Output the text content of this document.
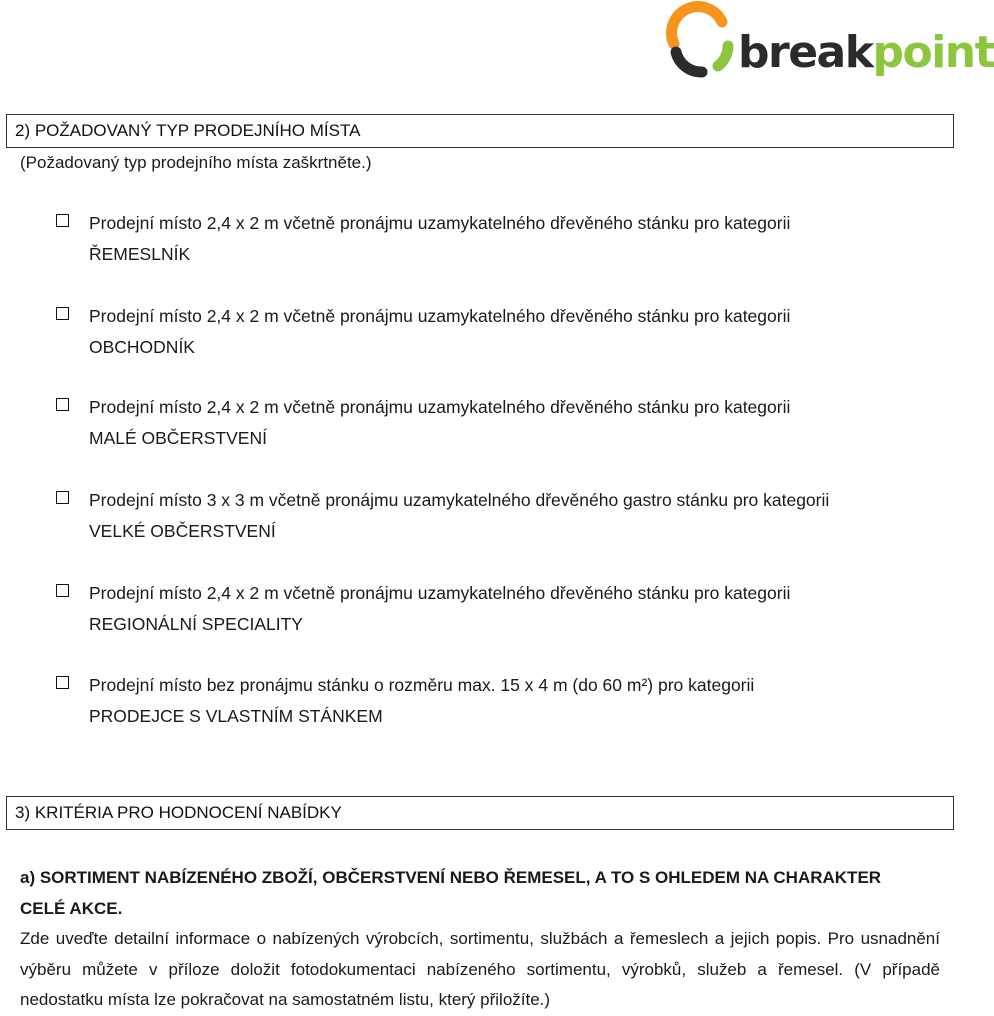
breakpoint
2) POŽADOVANÝ TYP PRODEJNÍHO MÍSTA
(Požadovaný typ prodejního místa zaškrtněte.)
Prodejní místo 2,4 x 2 m včetně pronájmu uzamykatelného dřevěného stánku pro kategorii
ŘEMESLNÍK
Prodejní místo 2,4 x 2 m včetně pronájmu uzamykatelného dřevěného stánku pro kategorii
OBCHODNÍK
Prodejní místo 2,4 x 2 m včetně pronájmu uzamykatelného dřevěného stánku pro kategorii
MALÉ OBČERSTVENÍ
Prodejní místo 3 x 3 m včetně pronájmu uzamykatelného dřevěného gastro stánku pro kategorii
VELKÉ OBČERSTVENÍ
Prodejní místo 2,4 x 2 m včetně pronájmu uzamykatelného dřevěného stánku pro kategorii
REGIONÁLNÍ SPECIALITY
Prodejní místo bez pronájmu stánku o rozměru max. 15 x 4 m (do 60 m²) pro kategorii
PRODEJCE S VLASTNÍM STÁNKEM
3) KRITÉRIA PRO HODNOCENÍ NABÍDKY
a) SORTIMENT NABÍZENÉHO ZBOŽÍ, OBČERSTVENÍ NEBO ŘEMESEL, A TO S OHLEDEM NA CHARAKTER CELÉ AKCE.
Zde uveďte detailní informace o nabízených výrobcích, sortimentu, službách a řemeslech a jejich popis. Pro usnadnění výběru můžete v příloze doložit fotodokumentaci nabízeného sortimentu, výrobků, služeb a řemesel. (V případě nedostatku místa lze pokračovat na samostatném listu, který přiložíte.)
